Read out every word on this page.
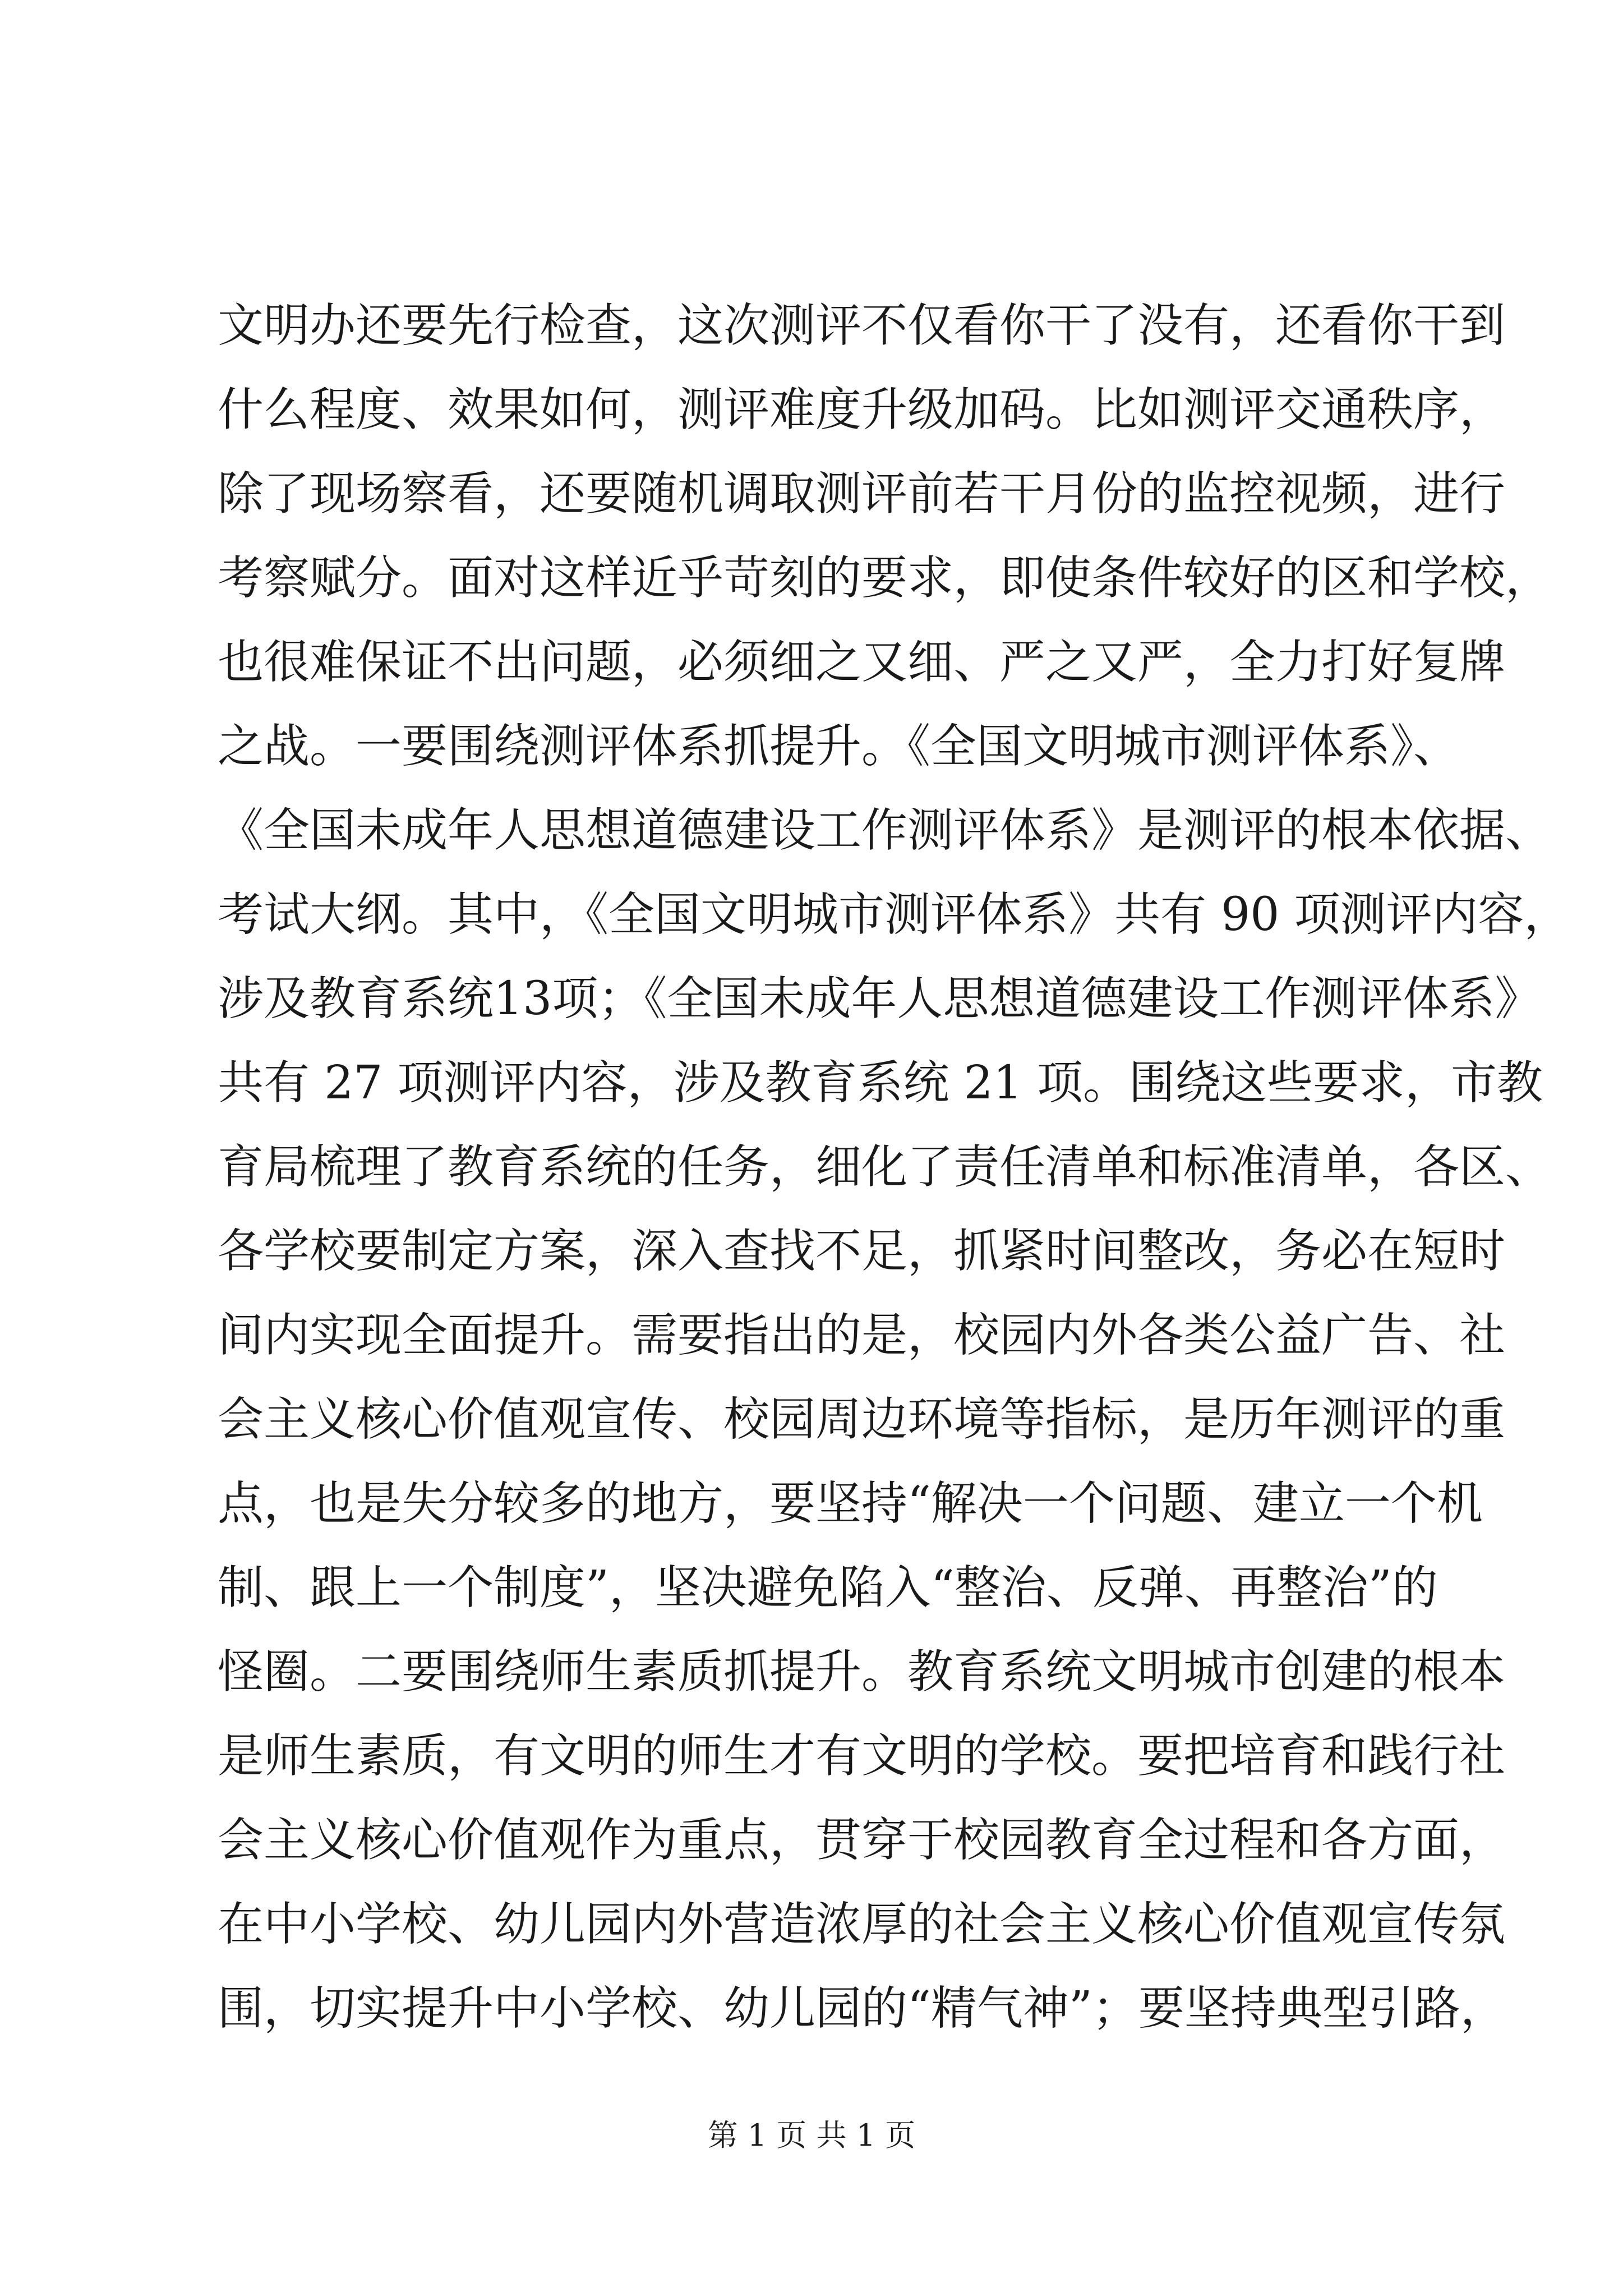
文明办还要先行检查，这次测评不仅看你干了没有，还看你干到
什么程度、效果如何，测评难度升级加码。比如测评交通秩序，
除了现场察看，还要随机调取测评前若干月份的监控视频，进行
考察赋分。面对这样近乎苛刻的要求，即使条件较好的区和学校，
也很难保证不出问题，必须细之又细、严之又严，全力打好复牌
之战。一要围绕测评体系抓提升。《全国文明城市测评体系》、
《全国未成年人思想道德建设工作测评体系》是测评的根本依据、
考试大纲。其中，《全国文明城市测评体系》共有 90 项测评内容，
涉及教育系统13项；《全国未成年人思想道德建设工作测评体系》
共有 27 项测评内容，涉及教育系统 21 项。围绕这些要求，市教
育局梳理了教育系统的任务，细化了责任清单和标准清单，各区、
各学校要制定方案，深入查找不足，抓紧时间整改，务必在短时
间内实现全面提升。需要指出的是，校园内外各类公益广告、社
会主义核心价值观宣传、校园周边环境等指标，是历年测评的重
点，也是失分较多的地方，要坚持“解决一个问题、建立一个机
制、跟上一个制度”，坚决避免陷入“整治、反弹、再整治”的
怪圈。二要围绕师生素质抓提升。教育系统文明城市创建的根本
是师生素质，有文明的师生才有文明的学校。要把培育和践行社
会主义核心价值观作为重点，贯穿于校园教育全过程和各方面，
在中小学校、幼儿园内外营造浓厚的社会主义核心价值观宣传氛
围，切实提升中小学校、幼儿园的“精气神”；要坚持典型引路，
第 1 页 共 1 页
